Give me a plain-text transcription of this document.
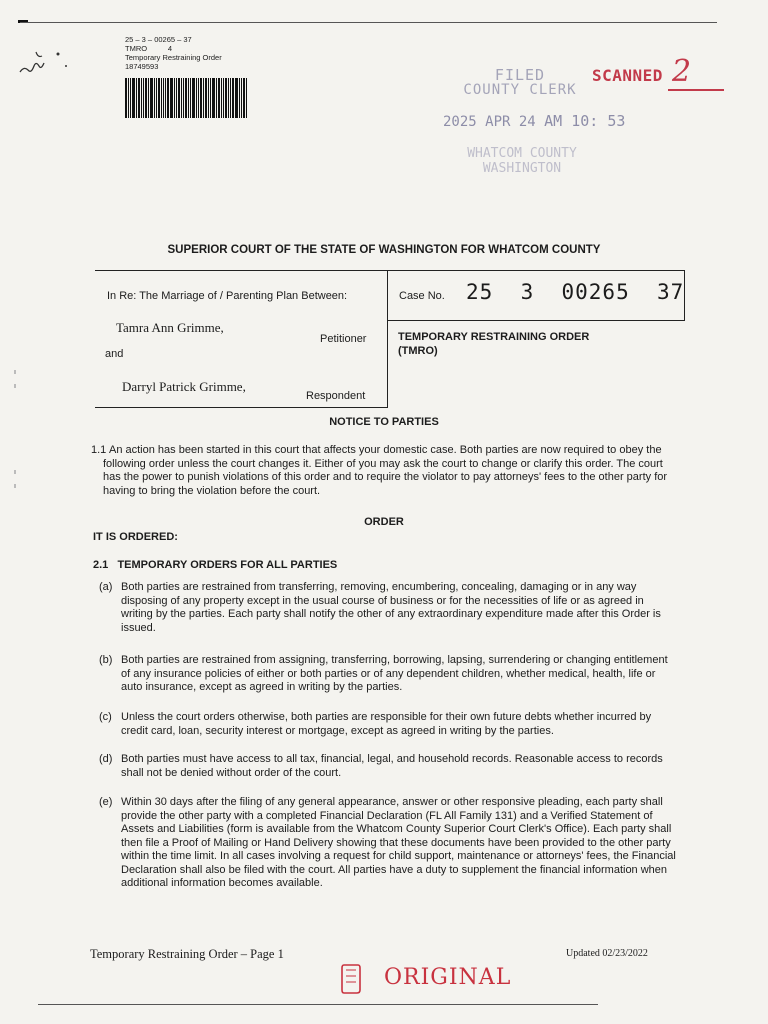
25 – 3 – 00265 – 37
TMRO          4
Temporary Restraining Order
18749593	FILED
COUNTY CLERK
2025 APR 24 AM 10: 53
WHATCOM COUNTY
WASHINGTON
SCANNED 2
SUPERIOR COURT OF THE STATE OF WASHINGTON FOR WHATCOM COUNTY
In Re: The Marriage of / Parenting Plan Between:
Tamra Ann Grimme,
Petitioner
and
Darryl Patrick Grimme,
Respondent
Case No. 25  3  00265  37
TEMPORARY RESTRAINING ORDER
(TMRO)
NOTICE TO PARTIES
1.1 An action has been started in this court that affects your domestic case. Both parties are now required to obey the following order unless the court changes it. Either of you may ask the court to change or clarify this order. The court has the power to punish violations of this order and to require the violator to pay attorneys' fees to the other party for having to bring the violation before the court.
ORDER
IT IS ORDERED:
2.1   TEMPORARY ORDERS FOR ALL PARTIES
(a) Both parties are restrained from transferring, removing, encumbering, concealing, damaging or in any way disposing of any property except in the usual course of business or for the necessities of life or as agreed in writing by the parties. Each party shall notify the other of any extraordinary expenditure made after this Order is issued.
(b) Both parties are restrained from assigning, transferring, borrowing, lapsing, surrendering or changing entitlement of any insurance policies of either or both parties or of any dependent children, whether medical, health, life or auto insurance, except as agreed in writing by the parties.
(c) Unless the court orders otherwise, both parties are responsible for their own future debts whether incurred by credit card, loan, security interest or mortgage, except as agreed in writing by the parties.
(d) Both parties must have access to all tax, financial, legal, and household records. Reasonable access to records shall not be denied without order of the court.
(e) Within 30 days after the filing of any general appearance, answer or other responsive pleading, each party shall provide the other party with a completed Financial Declaration (FL All Family 131) and a Verified Statement of Assets and Liabilities (form is available from the Whatcom County Superior Court Clerk's Office). Each party shall then file a Proof of Mailing or Hand Delivery showing that these documents have been provided to the other party within the time limit. In all cases involving a request for child support, maintenance or attorneys' fees, the Financial Declaration shall also be filed with the court. All parties have a duty to supplement the financial information when additional information becomes available.
Temporary Restraining Order – Page 1	Updated 02/23/2022
ORIGINAL
